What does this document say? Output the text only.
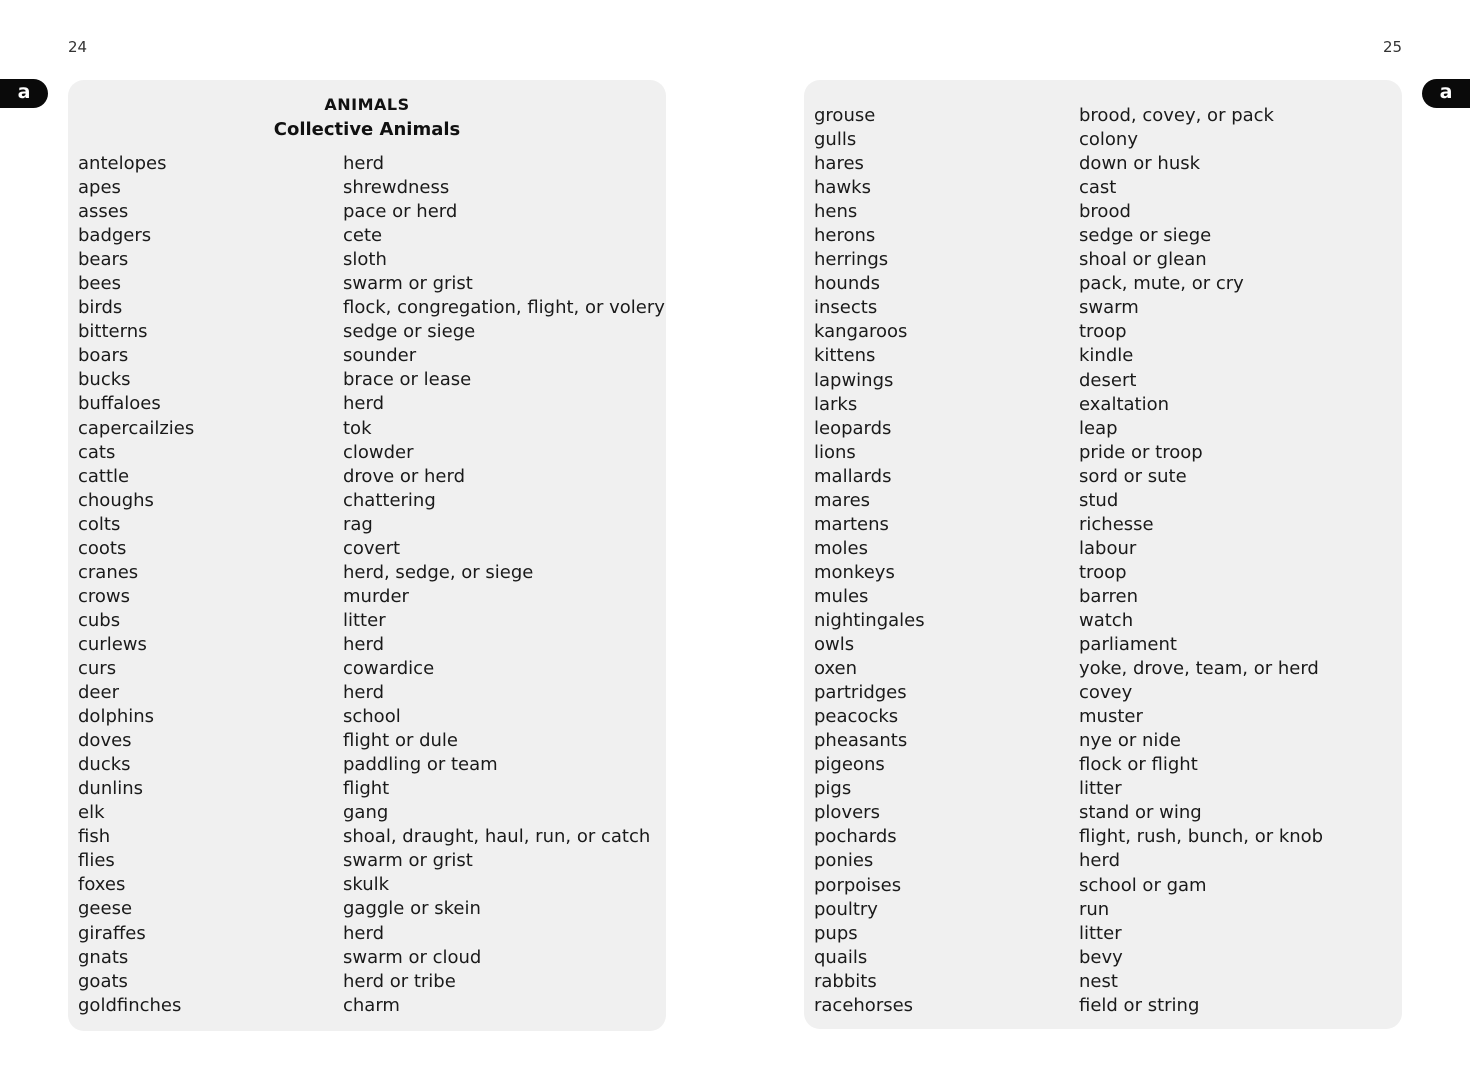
24	25
a	a
ANIMALS
Collective Animals
antelopes	herd
apes	shrewdness
asses	pace or herd
badgers	cete
bears	sloth
bees	swarm or grist
birds	flock, congregation, flight, or volery
bitterns	sedge or siege
boars	sounder
bucks	brace or lease
buffaloes	herd
capercailzies	tok
cats	clowder
cattle	drove or herd
choughs	chattering
colts	rag
coots	covert
cranes	herd, sedge, or siege
crows	murder
cubs	litter
curlews	herd
curs	cowardice
deer	herd
dolphins	school
doves	flight or dule
ducks	paddling or team
dunlins	flight
elk	gang
fish	shoal, draught, haul, run, or catch
flies	swarm or grist
foxes	skulk
geese	gaggle or skein
giraffes	herd
gnats	swarm or cloud
goats	herd or tribe
goldfinches	charm
grouse	brood, covey, or pack
gulls	colony
hares	down or husk
hawks	cast
hens	brood
herons	sedge or siege
herrings	shoal or glean
hounds	pack, mute, or cry
insects	swarm
kangaroos	troop
kittens	kindle
lapwings	desert
larks	exaltation
leopards	leap
lions	pride or troop
mallards	sord or sute
mares	stud
martens	richesse
moles	labour
monkeys	troop
mules	barren
nightingales	watch
owls	parliament
oxen	yoke, drove, team, or herd
partridges	covey
peacocks	muster
pheasants	nye or nide
pigeons	flock or flight
pigs	litter
plovers	stand or wing
pochards	flight, rush, bunch, or knob
ponies	herd
porpoises	school or gam
poultry	run
pups	litter
quails	bevy
rabbits	nest
racehorses	field or string
